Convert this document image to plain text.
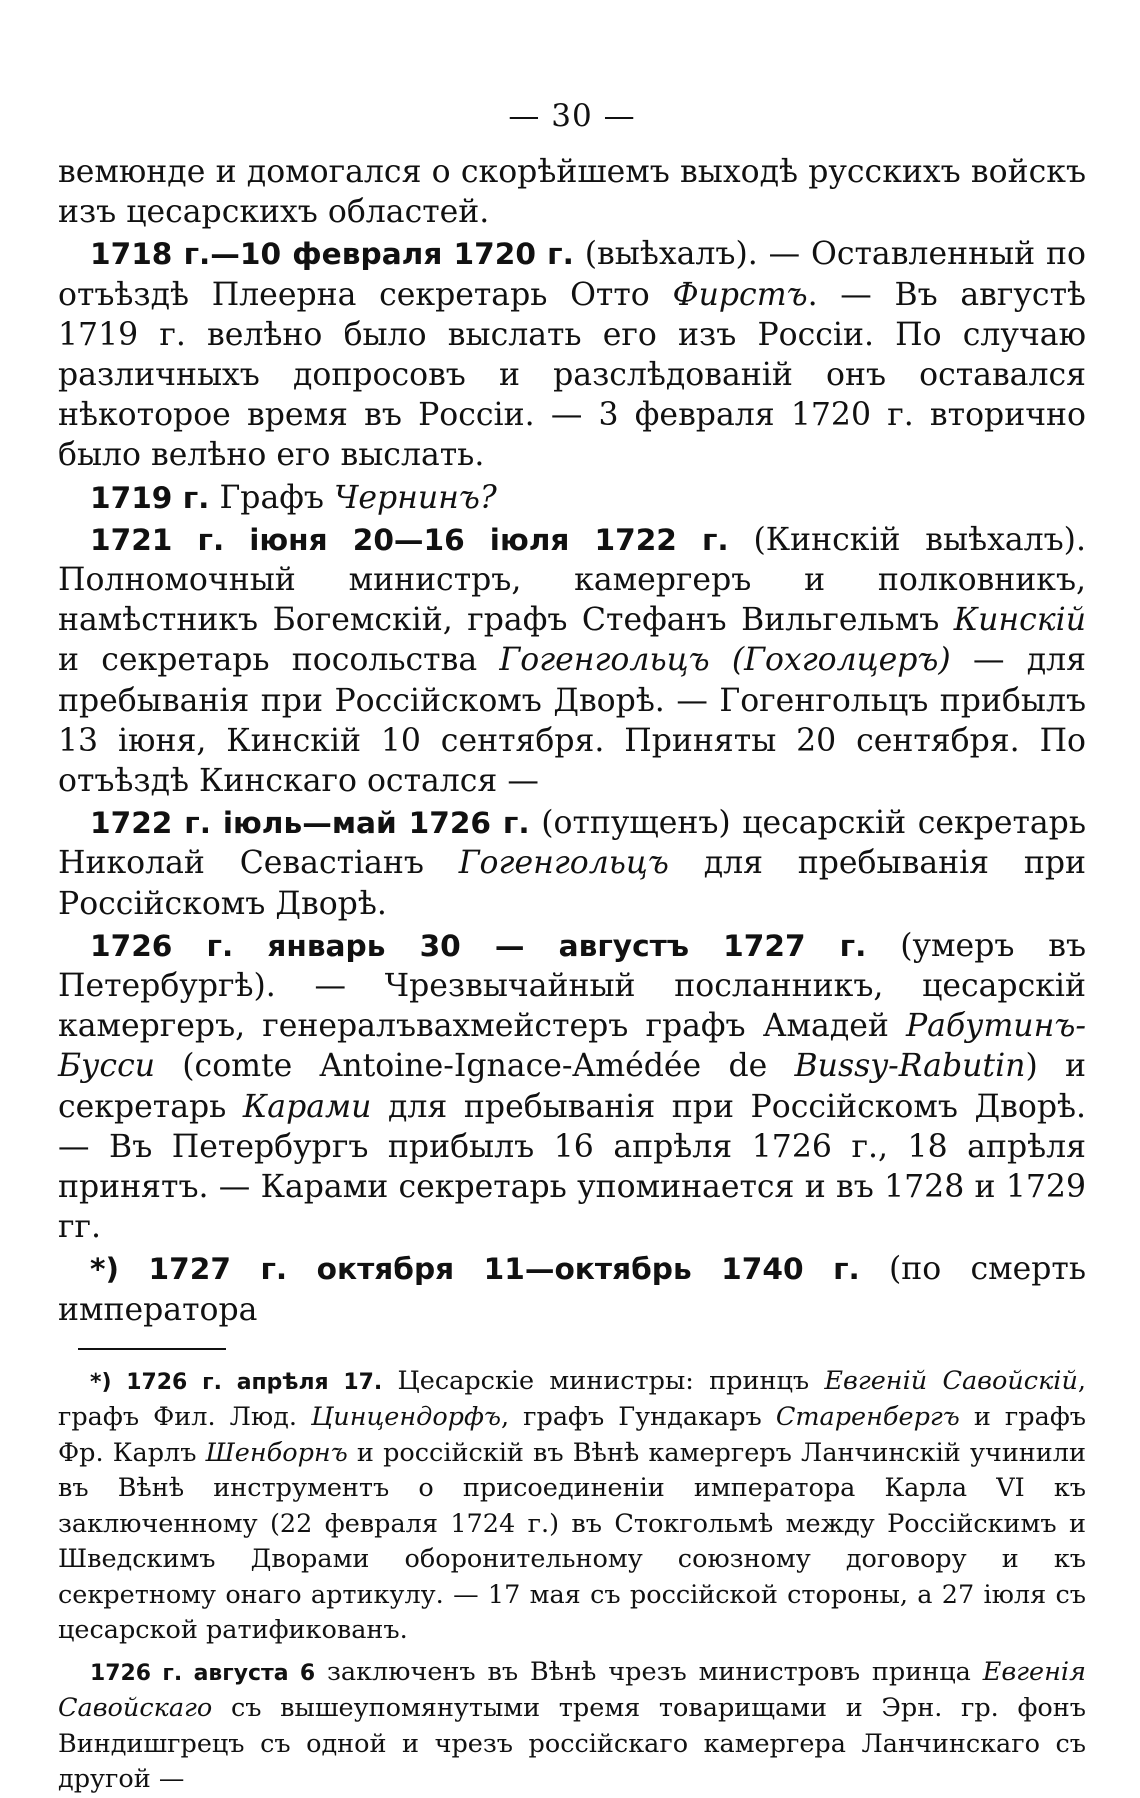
— 30 —

вемюнде и домогался о скорѣйшемъ выходѣ русскихъ войскъ изъ цесарскихъ областей.

1718 г.—10 февраля 1720 г. (выѣхалъ). — Оставленный по отъѣздѣ Плеерна секретарь Отто Фирстъ. — Въ августѣ 1719 г. велѣно было выслать его изъ Россіи. По случаю различныхъ допросовъ и разслѣдованій онъ оставался нѣкоторое время въ Россіи. — 3 февраля 1720 г. вторично было велѣно его выслать.

1719 г. Графъ Чернинъ?

1721 г. іюня 20—16 іюля 1722 г. (Кинскій выѣхалъ). Полномочный министръ, камергеръ и полковникъ, намѣстникъ Богемскій, графъ Стефанъ Вильгельмъ Кинскій и секретарь посольства Гогенгольцъ (Гохголцеръ) — для пребыванія при Россійскомъ Дворѣ. — Гогенгольцъ прибылъ 13 іюня, Кинскій 10 сентября. Приняты 20 сентября. По отъѣздѣ Кинскаго остался —

1722 г. іюль—май 1726 г. (отпущенъ) цесарскій секретарь Николай Севастіанъ Гогенгольцъ для пребыванія при Россійскомъ Дворѣ.

1726 г. январь 30 — августъ 1727 г. (умеръ въ Петербургѣ). — Чрезвычайный посланникъ, цесарскій камергеръ, генералъвахмейстеръ графъ Амадей Рабутинъ-Бусси (comte Antoine-Ignace-Amédée de Bussy-Rabutin) и секретарь Карами для пребыванія при Россійскомъ Дворѣ. — Въ Петербургъ прибылъ 16 апрѣля 1726 г., 18 апрѣля принятъ. — Карами секретарь упоминается и въ 1728 и 1729 гг.

*) 1727 г. октября 11—октябрь 1740 г. (по смерть императора

*) 1726 г. апрѣля 17. Цесарскіе министры: принцъ Евгеній Савойскій, графъ Фил. Люд. Цинцендорфъ, графъ Гундакаръ Старенбергъ и графъ Фр. Карлъ Шенборнъ и россійскій въ Вѣнѣ камергеръ Ланчинскій учинили въ Вѣнѣ инструментъ о присоединеніи императора Карла VI къ заключенному (22 февраля 1724 г.) въ Стокгольмѣ между Россійскимъ и Шведскимъ Дворами оборонительному союзному договору и къ секретному онаго артикулу. — 17 мая съ россійской стороны, а 27 іюля съ цесарской ратификованъ.

1726 г. августа 6 заключенъ въ Вѣнѣ чрезъ министровъ принца Евгенія Савойскаго съ вышеупомянутыми тремя товарищами и Эрн. гр. фонъ Виндишгрецъ съ одной и чрезъ россійскаго камергера Ланчинскаго съ другой —
